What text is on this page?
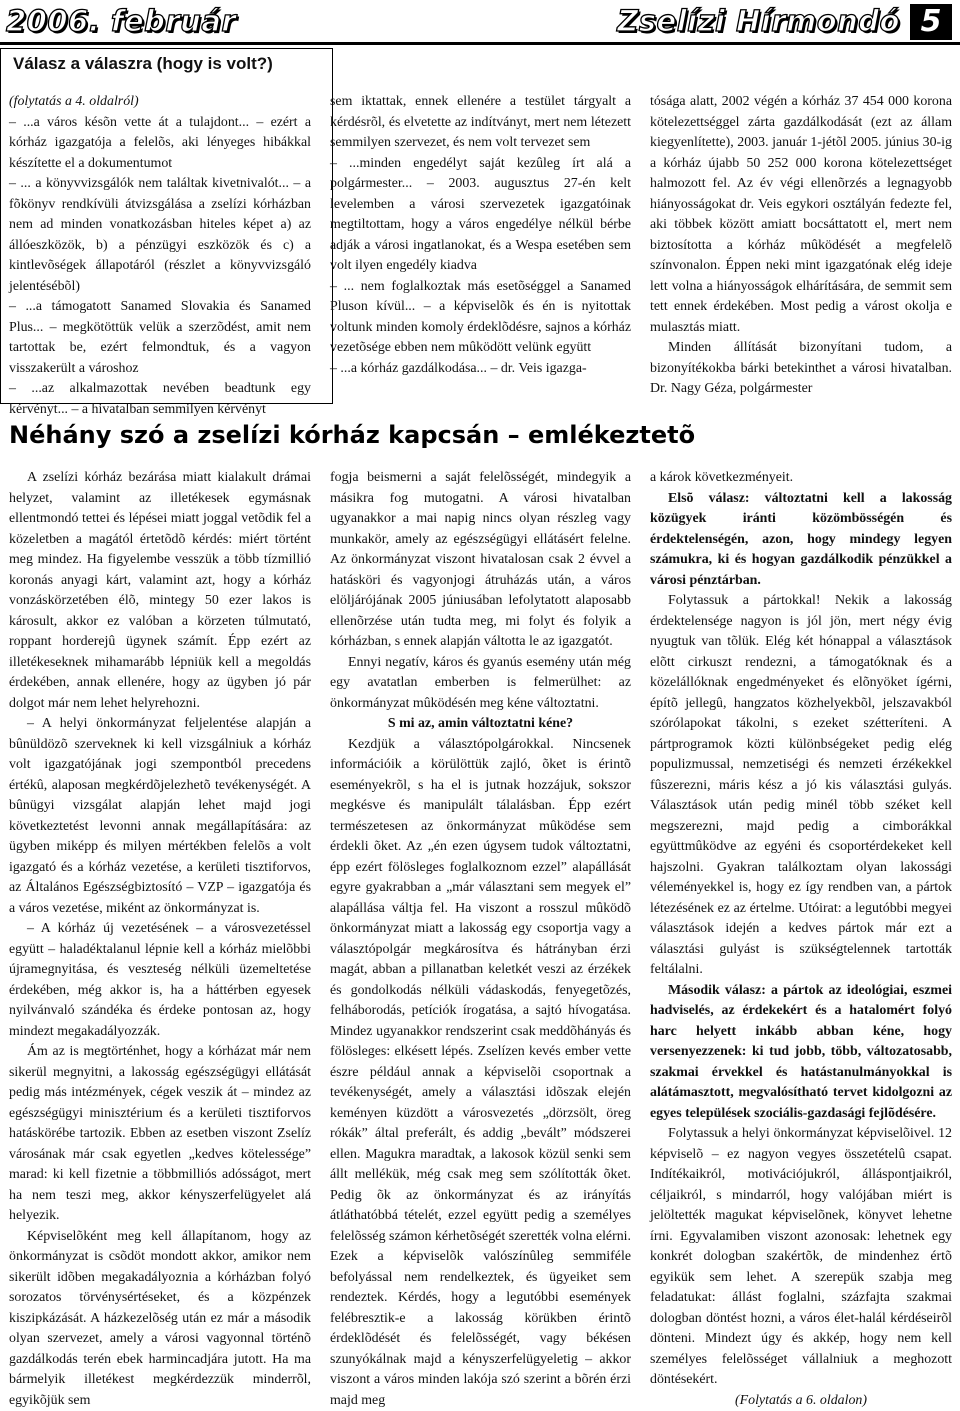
2006. február	Zselízi Hírmondó 5
Válasz a válaszra (hogy is volt?)

(folytatás a 4. oldalról)

– ...a város késõn vette át a tulajdont... – ezért a kórház igazgatója a felelõs, aki lényeges hibákkal készítette el a dokumentumot

– ... a könyvvizsgálók nem találtak kivetnivalót... – a fõkönyv rendkívüli átvizsgálása a zselízi kórházban nem ad minden vonatkozásban hiteles képet a) az állóeszközök, b) a pénzügyi eszközök és c) a kintlevõségek állapotáról (részlet a könyvvizsgáló jelentésébõl)

– ...a támogatott Sanamed Slovakia és Sanamed Plus... – megkötöttük velük a szerzõdést, amit nem tartottak be, ezért felmondtuk, és a vagyon visszakerült a városhoz

– ...az alkalmazottak nevében beadtunk egy kérvényt... – a hivatalban semmilyen kérvényt

sem iktattak, ennek ellenére a testület tárgyalt a kérdésrõl, és elvetette az indítványt, mert nem létezett semmilyen szervezet, és nem volt tervezet sem

– ...minden engedélyt saját kezûleg írt alá a polgármester... – 2003. augusztus 27-én kelt levelemben a városi szervezetek igazgatóinak megtiltottam, hogy a város engedélye nélkül bérbe adják a városi ingatlanokat, és a Wespa esetében sem volt ilyen engedély kiadva

– ... nem foglalkoztak más esetõséggel a Sanamed Pluson kívül... – a képviselõk és én is nyitottak voltunk minden komoly érdeklõdésre, sajnos a kórház vezetõsége ebben nem mûködött velünk együtt

– ...a kórház gazdálkodása... – dr. Veis igazga-

tósága alatt, 2002 végén a kórház 37 454 000 korona kötelezettséggel zárta gazdálkodását (ezt az állam kiegyenlítette), 2003. január 1-jétõl 2005. június 30-ig a kórház újabb 50 252 000 korona kötelezettséget halmozott fel. Az év végi ellenõrzés a legnagyobb hiányosságokat dr. Veis egykori osztályán fedezte fel, aki többek között amiatt bocsáttatott el, mert nem biztosította a kórház mûködését a megfelelõ színvonalon. Éppen neki mint igazgatónak elég ideje lett volna a hiányosságok elhárítására, de semmit sem tett ennek érdekében. Most pedig a várost okolja e mulasztás miatt.

Minden állítását bizonyítani tudom, a bizonyítékokba bárki betekinthet a városi hivatalban. Dr. Nagy Géza, polgármester

Néhány szó a zselízi kórház kapcsán – emlékeztetõ

A zselízi kórház bezárása miatt kialakult drámai helyzet, valamint az illetékesek egymásnak ellentmondó tettei és lépései miatt joggal vetõdik fel a közeletben a magától értetõdõ kérdés: miért történt meg mindez. Ha figyelembe vesszük a több tízmillió koronás anyagi kárt, valamint azt, hogy a kórház vonzáskörzetében élõ, mintegy 50 ezer lakos is károsult, akkor ez valóban a körzeten túlmutató, roppant horderejû ügynek számít. Épp ezért az illetékeseknek mihamarább lépniük kell a megoldás érdekében, annak ellenére, hogy az ügyben jó pár dolgot már nem lehet helyrehozni.

– A helyi önkormányzat feljelentése alapján a bûnüldözõ szerveknek ki kell vizsgálniuk a kórház volt igazgatójának jogi szempontból precedens értékû, alaposan megkérdõjelezhetõ tevékenységét. A bûnügyi vizsgálat alapján lehet majd jogi következtetést levonni annak megállapítására: az ügyben miképp és milyen mértékben felelõs a volt igazgató és a kórház vezetése, a kerületi tisztiforvos, az Általános Egészségbiztosító – VZP – igazgatója és a város vezetése, miként az önkormányzat is.

– A kórház új vezetésének – a városvezetéssel együtt – haladéktalanul lépnie kell a kórház mielõbbi újramegnyitása, és veszteség nélküli üzemeltetése érdekében, még akkor is, ha a háttérben egyesek nyilvánvaló szándéka és érdeke pontosan az, hogy mindezt megakadályozzák.

Ám az is megtörténhet, hogy a kórházat már nem sikerül megnyitni, a lakosság egészségügyi ellátását pedig más intézmények, cégek veszik át – mindez az egészségügyi minisztérium és a kerületi tisztiforvos hatáskörébe tartozik. Ebben az esetben viszont Zselíz városának már csak egyetlen „kedves kötelessége” marad: ki kell fizetnie a többmilliós adósságot, mert ha nem teszi meg, akkor kényszerfelügyelet alá helyezik.

Képviselõként meg kell állapítanom, hogy az önkormányzat is csõdöt mondott akkor, amikor nem sikerült idõben megakadályoznia a kórházban folyó sorozatos törvénysértéseket, és a közpénzek kiszipkázását. A házkezelõség után ez már a második olyan szervezet, amely a városi vagyonnal történõ gazdálkodás terén ebek harmincadjára jutott. Ha ma bármelyik illetékest megkérdezzük minderrõl, egyikõjük sem

fogja beismerni a saját felelõsségét, mindegyik a másikra fog mutogatni. A városi hivatalban ugyanakkor a mai napig nincs olyan részleg vagy munkakör, amely az egészségügyi ellátásért felelne. Az önkormányzat viszont hivatalosan csak 2 évvel a hatásköri és vagyonjogi átruházás után, a város elöljárójának 2005 júniusában lefolytatott alaposabb ellenõrzése után tudta meg, mi folyt és folyik a kórházban, s ennek alapján váltotta le az igazgatót.

Ennyi negatív, káros és gyanús esemény után még egy avatatlan emberben is felmerülhet: az önkormányzat mûködésén meg kéne változtatni.

S mi az, amin változtatni kéne?

Kezdjük a választópolgárokkal. Nincsenek információik a körülöttük zajló, õket is érintõ eseményekrõl, s ha el is jutnak hozzájuk, sokszor megkésve és manipulált tálalásban. Épp ezért természetesen az önkormányzat mûködése sem érdekli õket. Az „én ezen úgysem tudok változtatni, épp ezért fölösleges foglalkoznom ezzel” alapállását egyre gyakrabban a „már választani sem megyek el” alapállása váltja fel. Ha viszont a rosszul mûködõ önkormányzat miatt a lakosság egy csoportja vagy a választópolgár megkárosítva és hátrányban érzi magát, abban a pillanatban keletkét veszi az érzékek és gondolkodás nélküli vádaskodás, fenyegetõzés, felháborodás, petíciók írogatása, a sajtó hívogatása. Mindez ugyanakkor rendszerint csak meddõhányás és fölösleges: elkésett lépés. Zselízen kevés ember vette észre például annak a képviselõi csoportnak a tevékenységét, amely a választási idõszak elején keményen küzdött a városvezetés „dörzsölt, öreg rókák” által preferált, és addig „bevált” módszerei ellen. Magukra maradtak, a lakosok közül senki sem állt mellékük, még csak meg sem szólították õket. Pedig õk az önkormányzat és az irányítás átláthatóbbá tételét, ezzel együtt pedig a személyes felelõsség számon kérhetõségét szerették volna elérni. Ezek a képviselõk valószínûleg semmiféle befolyással nem rendelkeztek, és ügyeiket sem rendeztek. Kérdés, hogy a legutóbbi események felébresztik-e a lakosság körükben érintõ érdeklõdését és felelõsségét, vagy békésen szunyókálnak majd a kényszerfelügyeletig – akkor viszont a város minden lakója szó szerint a bõrén érzi majd meg

a károk következményeit.

Elsõ válasz: változtatni kell a lakosság közügyek iránti közömbösségén és érdektelenségén, azon, hogy mindegy legyen számukra, ki és hogyan gazdálkodik pénzükkel a városi pénztárban.

Folytassuk a pártokkal! Nekik a lakosság érdektelensége nagyon is jól jön, mert négy évig nyugtuk van tõlük. Elég két hónappal a választások elõtt cirkuszt rendezni, a támogatóknak és a közelállóknak engedményeket és elõnyöket ígérni, építõ jellegû, hangzatos közhelyekbõl, jelszavakból szórólapokat tákolni, s ezeket szétteríteni. A pártprogramok közti különbségeket pedig elég populizmussal, nemzetiségi és nemzeti érzékekkel fûszerezni, máris kész a jó kis választási gulyás. Választások után pedig minél több széket kell megszerezni, majd pedig a cimborákkal együttmûködve az egyéni és csoportérdekeket kell hajszolni. Gyakran találkoztam olyan lakossági véleményekkel is, hogy ez így rendben van, a pártok létezésének ez az értelme. Utóirat: a legutóbbi megyei választások idején a kedves pártok már ezt a választási gulyást is szükségtelennek tartották feltálalni.

Második válasz: a pártok az ideológiai, eszmei hadviselés, az érdekekért és a hatalomért folyó harc helyett inkább abban kéne, hogy versenyezzenek: ki tud jobb, több, változatosabb, szakmai érvekkel és hatástanulmányokkal is alátámasztott, megvalósítható tervet kidolgozni az egyes települések szociális-gazdasági fejlõdésére.

Folytassuk a helyi önkormányzat képviselõivel. 12 képviselõ – ez nagyon vegyes összetételû csapat. Indítékaikról, motivációjukról, álláspontjaikról, céljaikról, s mindarról, hogy valójában miért is jelöltették magukat képviselõnek, könyvet lehetne írni. Egyvalamiben viszont azonosak: lehetnek egy konkrét dologban szakértõk, de mindenhez értõ egyikük sem lehet. A szerepük szabja meg feladatukat: állást foglalni, százfajta szakmai dologban döntést hozni, a város élet-halál kérdéseirõl dönteni. Mindezt úgy és akkép, hogy nem kell személyes felelõsséget vállalniuk a meghozott döntésekért.

(Folytatás a 6. oldalon)
